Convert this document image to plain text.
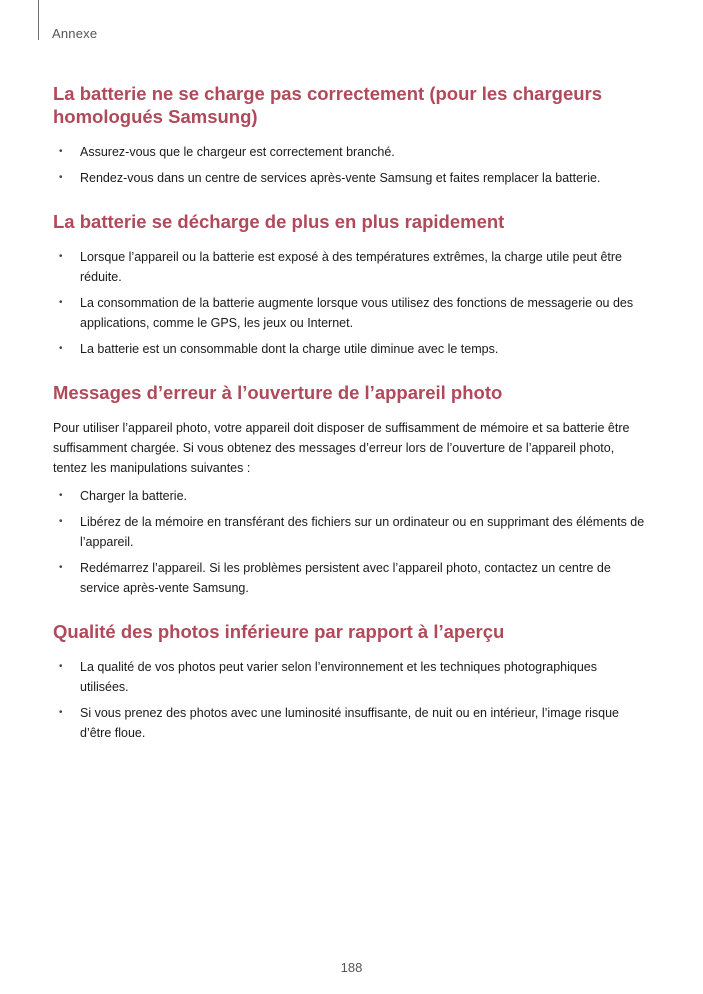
Annexe
La batterie ne se charge pas correctement (pour les chargeurs homologués Samsung)
• Assurez-vous que le chargeur est correctement branché.
• Rendez-vous dans un centre de services après-vente Samsung et faites remplacer la batterie.
La batterie se décharge de plus en plus rapidement
• Lorsque l’appareil ou la batterie est exposé à des températures extrêmes, la charge utile peut être réduite.
• La consommation de la batterie augmente lorsque vous utilisez des fonctions de messagerie ou des applications, comme le GPS, les jeux ou Internet.
• La batterie est un consommable dont la charge utile diminue avec le temps.
Messages d’erreur à l’ouverture de l’appareil photo

Pour utiliser l’appareil photo, votre appareil doit disposer de suffisamment de mémoire et sa batterie être suffisamment chargée. Si vous obtenez des messages d’erreur lors de l’ouverture de l’appareil photo, tentez les manipulations suivantes :

• Charger la batterie.
• Libérez de la mémoire en transférant des fichiers sur un ordinateur ou en supprimant des éléments de l’appareil.
• Redémarrez l’appareil. Si les problèmes persistent avec l’appareil photo, contactez un centre de service après-vente Samsung.
Qualité des photos inférieure par rapport à l’aperçu
• La qualité de vos photos peut varier selon l’environnement et les techniques photographiques utilisées.
• Si vous prenez des photos avec une luminosité insuffisante, de nuit ou en intérieur, l’image risque d’être floue.
188
